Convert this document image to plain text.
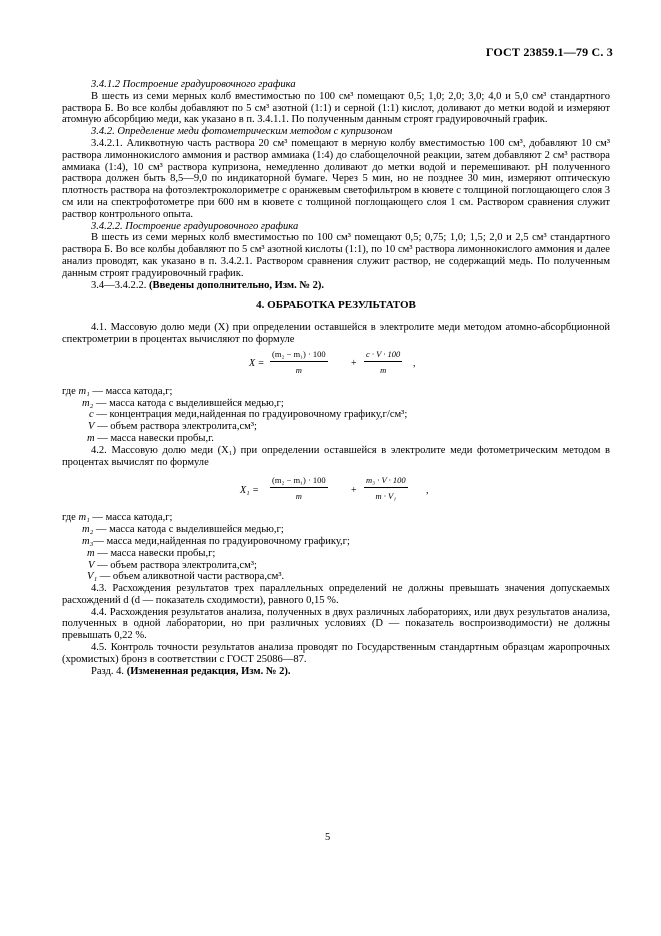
ГОСТ 23859.1—79 С. 3

3.4.1.2 Построение градуировочного графика

В шесть из семи мерных колб вместимостью по 100 см³ помещают 0,5; 1,0; 2,0; 3,0; 4,0 и 5,0 см³ стандартного раствора Б. Во все колбы добавляют по 5 см³ азотной (1:1) и серной (1:1) кислот, доливают до метки водой и измеряют атомную абсорбцию меди, как указано в п. 3.4.1.1. По полученным данным строят градуировочный график.

3.4.2. Определение меди фотометрическим методом с купризоном

3.4.2.1. Аликвотную часть раствора 20 см³ помещают в мерную колбу вместимостью 100 см³, добавляют 10 см³ раствора лимоннокислого аммония и раствор аммиака (1:4) до слабощелочной реакции, затем добавляют 2 см³ раствора аммиака (1:4), 10 см³ раствора купризона, немедленно доливают до метки водой и перемешивают. pH полученного раствора должен быть 8,5—9,0 по индикаторной бумаге. Через 5 мин, но не позднее 30 мин, измеряют оптическую плотность раствора на фотоэлектроколориметре с оранжевым светофильтром в кювете с толщиной поглощающего слоя 3 см или на спектрофотометре при 600 нм в кювете с толщиной поглощающего слоя 1 см. Раствором сравнения служит раствор контрольного опыта.

3.4.2.2. Построение градуировочного графика

В шесть из семи мерных колб вместимостью по 100 см³ помещают 0,5; 0,75; 1,0; 1,5; 2,0 и 2,5 см³ стандартного раствора Б. Во все колбы добавляют по 5 см³ азотной кислоты (1:1), по 10 см³ раствора лимоннокислого аммония и далее анализ проводят, как указано в п. 3.4.2.1. Раствором сравнения служит раствор, не содержащий медь. По полученным данным строят градуировочный график.

3.4—3.4.2.2. (Введены дополнительно, Изм. № 2).

4. ОБРАБОТКА РЕЗУЛЬТАТОВ

4.1. Массовую долю меди (X) при определении оставшейся в электролите меди методом атомно-абсорбционной спектрометрии в процентах вычисляют по формуле

$X = \frac{\text{(m₂ − m₁) · 100}}{m} + \frac{c \cdot V \cdot 100}{m}$ ,

где m₁ — масса катода,г;

m₂ — масса катода с выделившейся медью,г;

c — концентрация меди,найденная по градуировочному графику,г/см³;

V — объем раствора электролита,см³;

m — масса навески пробы,г.

4.2. Массовую долю меди (X₁) при определении оставшейся в электролите меди фотометрическим методом в процентах вычислят по формуле

$X_1 = \frac{\text{(m₂ − m₁) · 100}}{m} + \frac{\text{m₃ · V · 100}}{\text{m · V₁}}$ ,

где m₁ — масса катода,г;

m₂ — масса катода с выделившейся медью,г;

m₃— масса меди,найденная по градуировочному графику,г;

m — масса навески пробы,г;

V — объем раствора электролита,см³;

V₁ — объем аликвотной части раствора,см³.

4.3. Расхождения результатов трех параллельных определений не должны превышать значения допускаемых расхождений d (d — показатель сходимости), равного 0,15 %.

4.4. Расхождения результатов анализа, полученных в двух различных лабораториях, или двух результатов анализа, полученных в одной лаборатории, но при различных условиях (D — показатель воспроизводимости) не должны превышать 0,22 %.

4.5. Контроль точности результатов анализа проводят по Государственным стандартным образцам жаропрочных (хромистых) бронз в соответствии с ГОСТ 25086—87.

Разд. 4. (Измененная редакция, Изм. № 2).

5
